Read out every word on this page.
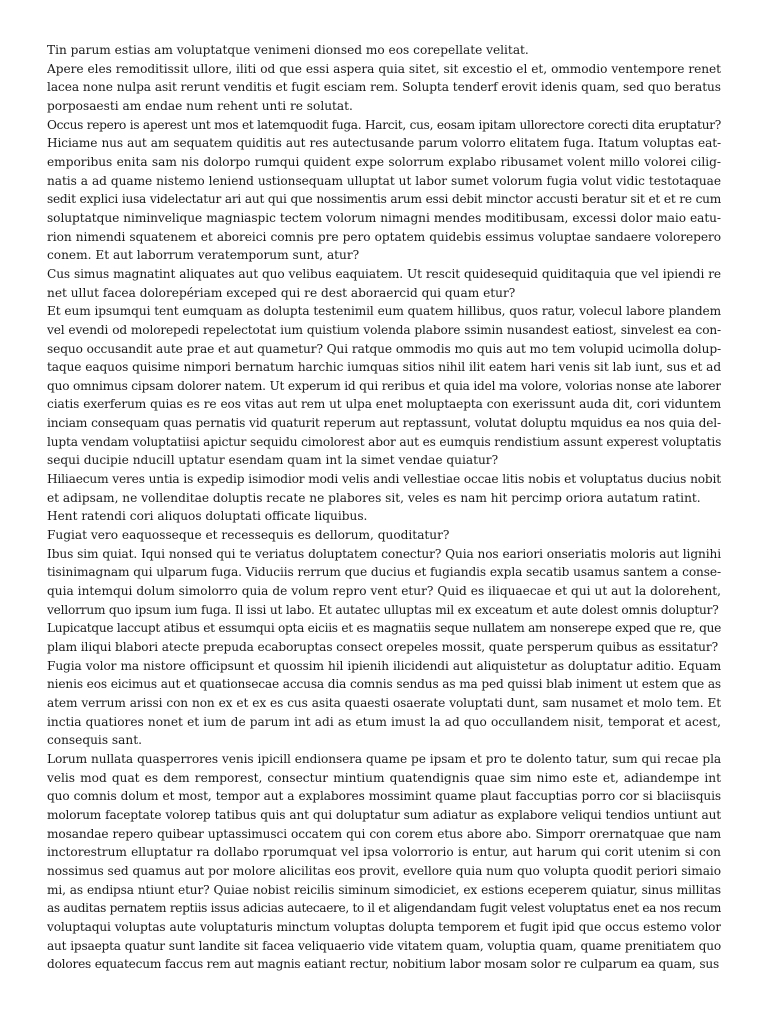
Tin parum estias am voluptatque venimeni dionsed mo eos corepellate velitat.
Apere eles remoditissit ullore, iliti od que essi aspera quia sitet, sit excestio el et, ommodio ventempore renet
lacea none nulpa asit rerunt venditis et fugit esciam rem. Solupta tenderf erovit idenis quam, sed quo beratus
porposaesti am endae num rehent unti re solutat.
Occus repero is aperest unt mos et latemquodit fuga. Harcit, cus, eosam ipitam ullorectore corecti dita eruptatur?
Hiciame nus aut am sequatem quiditis aut res autectusande parum volorro elitatem fuga. Itatum voluptas eat-
emporibus enita sam nis dolorpo rumqui quident expe solorrum explabo ribusamet volent millo volorei cilig-
natis a ad quame nistemo leniend ustionsequam ulluptat ut labor sumet volorum fugia volut vidic testotaquae
sedit explici iusa videlectatur ari aut qui que nossimentis arum essi debit minctor accusti beratur sit et et re cum
soluptatque niminvelique magniaspic tectem volorum nimagni mendes moditibusam, excessi dolor maio eatu-
rion nimendi squatenem et aboreici comnis pre pero optatem quidebis essimus voluptae sandaere volorepero
conem. Et aut laborrum veratemporum sunt, atur?
Cus simus magnatint aliquates aut quo velibus eaquiatem. Ut rescit quidesequid quiditaquia que vel ipiendi re
net ullut facea dolorepériam exceped qui re dest aboraercid qui quam etur?
Et eum ipsumqui tent eumquam as dolupta testenimil eum quatem hillibus, quos ratur, volecul labore plandem
vel evendi od molorepedi repelectotat ium quistium volenda plabore ssimin nusandest eatiost, sinvelest ea con-
sequo occusandit aute prae et aut quametur? Qui ratque ommodis mo quis aut mo tem volupid ucimolla dolup-
taque eaquos quisime nimpori bernatum harchic iumquas sitios nihil ilit eatem hari venis sit lab iunt, sus et ad
quo omnimus cipsam dolorer natem. Ut experum id qui reribus et quia idel ma volore, volorias nonse ate laborer
ciatis exerferum quias es re eos vitas aut rem ut ulpa enet moluptaepta con exerissunt auda dit, cori viduntem
inciam consequam quas pernatis vid quaturit reperum aut reptassunt, volutat doluptu mquidus ea nos quia del-
lupta vendam voluptatiisi apictur sequidu cimolorest abor aut es eumquis rendistium assunt experest voluptatis
sequi ducipie nducill uptatur esendam quam int la simet vendae quiatur?
Hiliaecum veres untia is expedip isimodior modi velis andi vellestiae occae litis nobis et voluptatus ducius nobit
et adipsam, ne vollenditae doluptis recate ne plabores sit, veles es nam hit percimp oriora autatum ratint.
Hent ratendi cori aliquos doluptati officate liquibus.
Fugiat vero eaquosseque et recessequis es dellorum, quoditatur?
Ibus sim quiat. Iqui nonsed qui te veriatus doluptatem conectur? Quia nos eariori onseriatis moloris aut lignihi
tisinimagnam qui ulparum fuga. Viduciis rerrum que ducius et fugiandis expla secatib usamus santem a conse-
quia intemqui dolum simolorro quia de volum repro vent etur? Quid es iliquaecae et qui ut aut la dolorehent,
vellorrum quo ipsum ium fuga. Il issi ut labo. Et autatec ulluptas mil ex exceatum et aute dolest omnis doluptur?
Lupicatque laccupt atibus et essumqui opta eiciis et es magnatiis seque nullatem am nonserepe exped que re, que
plam iliqui blabori atecte prepuda ecaboruptas consect orepeles mossit, quate persperum quibus as essitatur?
Fugia volor ma nistore officipsunt et quossim hil ipienih ilicidendi aut aliquistetur as doluptatur aditio. Equam
nienis eos eicimus aut et quationsecae accusa dia comnis sendus as ma ped quissi blab iniment ut estem que as
atem verrum arissi con non ex et ex es cus asita quaesti osaerate voluptati dunt, sam nusamet et molo tem. Et
inctia quatiores nonet et ium de parum int adi as etum imust la ad quo occullandem nisit, temporat et acest,
consequis sant.
Lorum nullata quasperrores venis ipicill endionsera quame pe ipsam et pro te dolento tatur, sum qui recae pla
velis mod quat es dem remporest, consectur mintium quatendignis quae sim nimo este et, adiandempe int
quo comnis dolum et most, tempor aut a explabores mossimint quame plaut faccuptias porro cor si blaciisquis
molorum faceptate volorep tatibus quis ant qui doluptatur sum adiatur as explabore veliqui tendios untiunt aut
mosandae repero quibear uptassimusci occatem qui con corem etus abore abo. Simporr orernatquae que nam
inctorestrum elluptatur ra dollabo rporumquat vel ipsa volorrorio is entur, aut harum qui corit utenim si con
nossimus sed quamus aut por molore alicilitas eos provit, evellore quia num quo volupta quodit periori simaio
mi, as endipsa ntiunt etur? Quiae nobist reicilis siminum simodiciet, ex estions eceperem quiatur, sinus millitas
as auditas pernatem reptiis issus adicias autecaere, to il et aligendandam fugit velest voluptatus enet ea nos recum
voluptaqui voluptas aute voluptaturis minctum voluptas dolupta temporem et fugit ipid que occus estemo volor
aut ipsaepta quatur sunt landite sit facea veliquaerio vide vitatem quam, voluptia quam, quame prenitiatem quo
dolores equatecum faccus rem aut magnis eatiant rectur, nobitium labor mosam solor re culparum ea quam, sus
